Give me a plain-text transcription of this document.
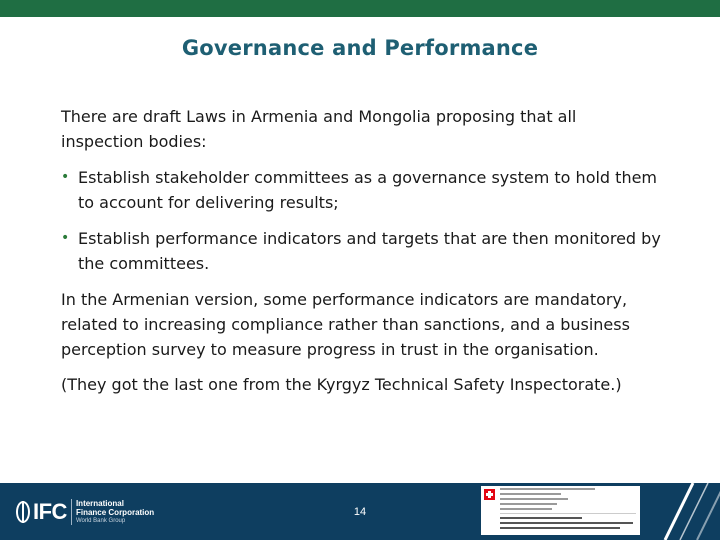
Governance and Performance

There are draft Laws in Armenia and Mongolia proposing that all inspection bodies:

• Establish stakeholder committees as a governance system to hold them to account for delivering results;
• Establish performance indicators and targets that are then monitored by the committees.

In the Armenian version, some performance indicators are mandatory, related to increasing compliance rather than sanctions, and a business perception survey to measure progress in trust in the organisation.

(They got the last one from the Kyrgyz Technical Safety Inspectorate.)

IFC International
Finance Corporation
World Bank Group
14
